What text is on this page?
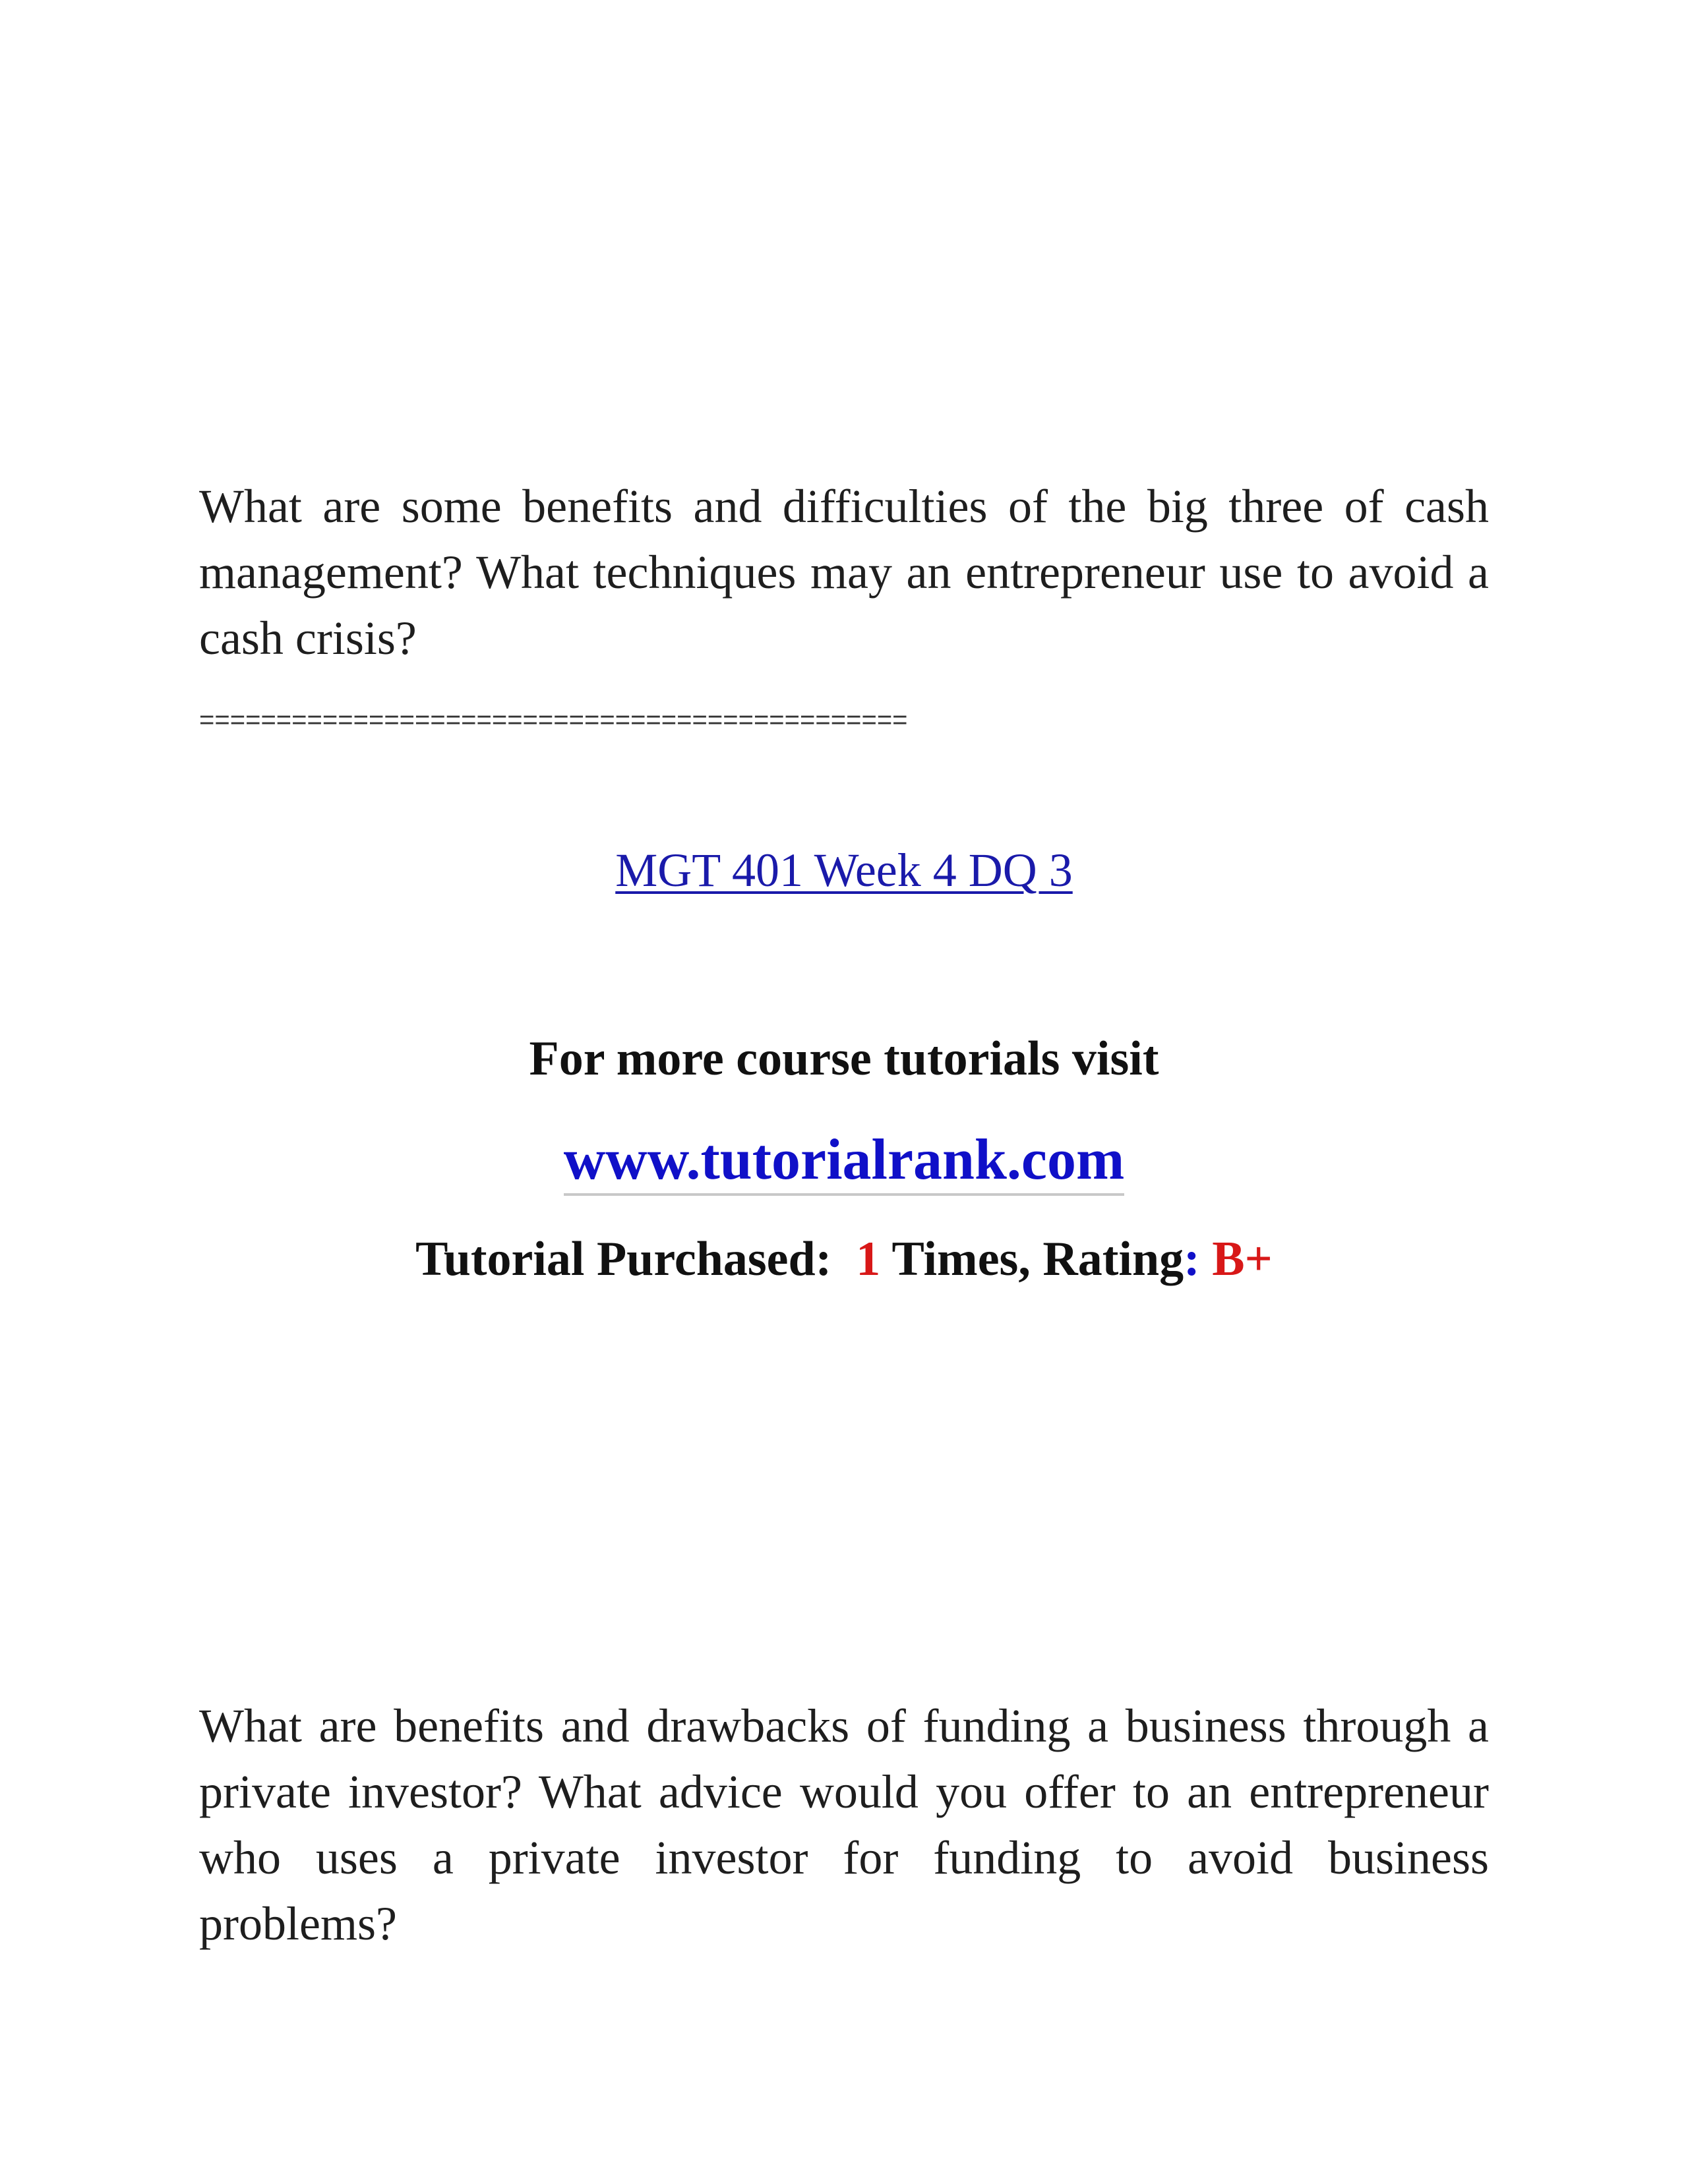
What are some benefits and difficulties of the big three of cash management? What techniques may an entrepreneur use to avoid a cash crisis?

==============================================
MGT 401 Week 4 DQ 3
For more course tutorials visit
www.tutorialrank.com
Tutorial Purchased: 1 Times, Rating: B+

What are benefits and drawbacks of funding a business through a private investor? What advice would you offer to an entrepreneur who uses a private investor for funding to avoid business problems?
